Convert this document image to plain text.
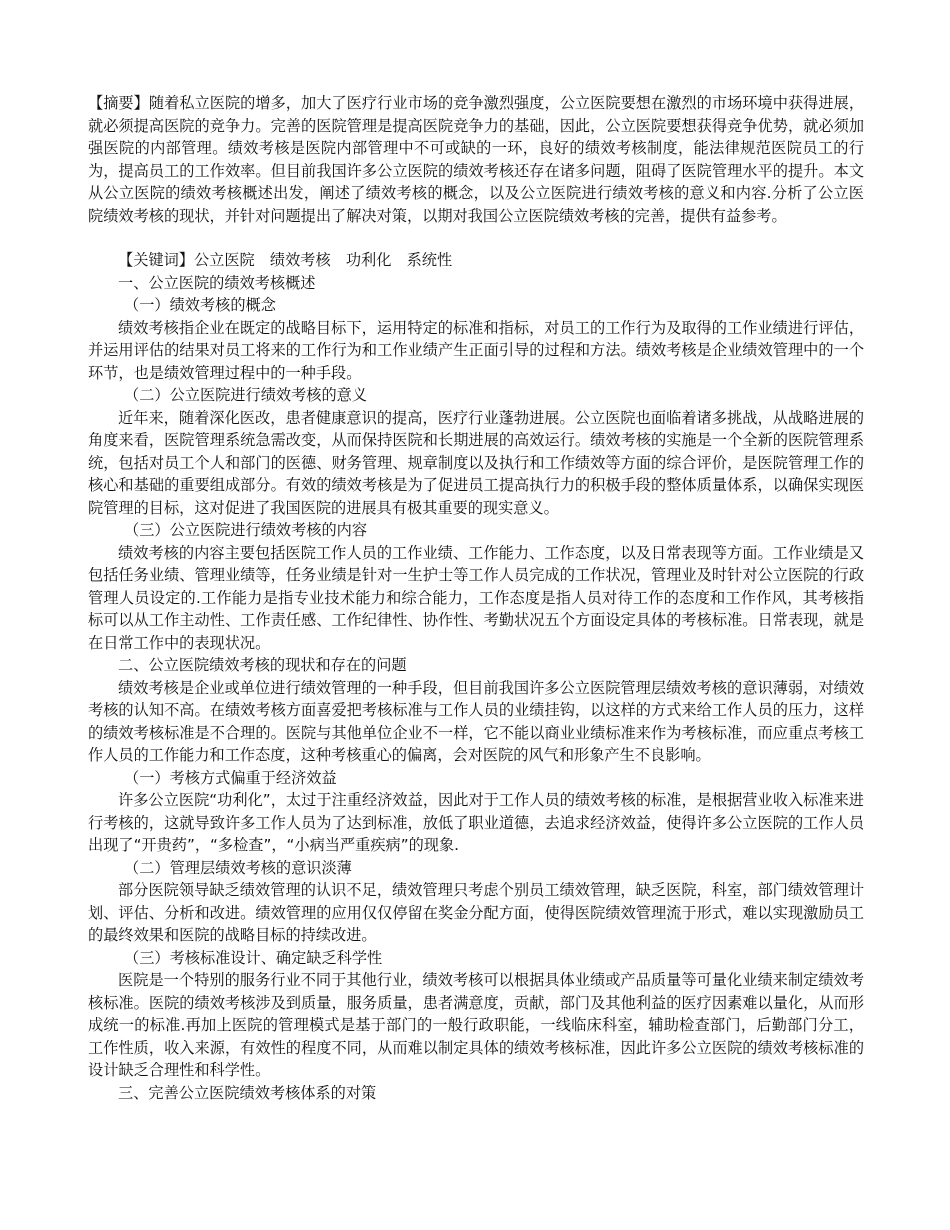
【摘要】随着私立医院的增多，加大了医疗行业市场的竞争激烈强度，公立医院要想在激烈的市场环境中获得进展，就必须提高医院的竞争力。完善的医院管理是提高医院竞争力的基础，因此，公立医院要想获得竞争优势，就必须加强医院的内部管理。绩效考核是医院内部管理中不可或缺的一环，良好的绩效考核制度，能法律规范医院员工的行为，提高员工的工作效率。但目前我国许多公立医院的绩效考核还存在诸多问题，阻碍了医院管理水平的提升。本文从公立医院的绩效考核概述出发，阐述了绩效考核的概念，以及公立医院进行绩效考核的意义和内容.分析了公立医院绩效考核的现状，并针对问题提出了解决对策，以期对我国公立医院绩效考核的完善，提供有益参考。

【关键词】公立医院　绩效考核　功利化　系统性

一、公立医院的绩效考核概述

（一）绩效考核的概念

绩效考核指企业在既定的战略目标下，运用特定的标准和指标，对员工的工作行为及取得的工作业绩进行评估，并运用评估的结果对员工将来的工作行为和工作业绩产生正面引导的过程和方法。绩效考核是企业绩效管理中的一个环节，也是绩效管理过程中的一种手段。

（二）公立医院进行绩效考核的意义

近年来，随着深化医改，患者健康意识的提高，医疗行业蓬勃进展。公立医院也面临着诸多挑战，从战略进展的角度来看，医院管理系统急需改变，从而保持医院和长期进展的高效运行。绩效考核的实施是一个全新的医院管理系统，包括对员工个人和部门的医德、财务管理、规章制度以及执行和工作绩效等方面的综合评价，是医院管理工作的核心和基础的重要组成部分。有效的绩效考核是为了促进员工提高执行力的积极手段的整体质量体系，以确保实现医院管理的目标，这对促进了我国医院的进展具有极其重要的现实意义。

（三）公立医院进行绩效考核的内容

绩效考核的内容主要包括医院工作人员的工作业绩、工作能力、工作态度，以及日常表现等方面。工作业绩是又包括任务业绩、管理业绩等，任务业绩是针对一生护士等工作人员完成的工作状况，管理业及时针对公立医院的行政管理人员设定的.工作能力是指专业技术能力和综合能力，工作态度是指人员对待工作的态度和工作作风，其考核指标可以从工作主动性、工作责任感、工作纪律性、协作性、考勤状况五个方面设定具体的考核标准。日常表现，就是在日常工作中的表现状况。

二、公立医院绩效考核的现状和存在的问题

绩效考核是企业或单位进行绩效管理的一种手段，但目前我国许多公立医院管理层绩效考核的意识薄弱，对绩效考核的认知不高。在绩效考核方面喜爱把考核标准与工作人员的业绩挂钩，以这样的方式来给工作人员的压力，这样的绩效考核标准是不合理的。医院与其他单位企业不一样，它不能以商业业绩标准来作为考核标准，而应重点考核工作人员的工作能力和工作态度，这种考核重心的偏离，会对医院的风气和形象产生不良影响。

（一）考核方式偏重于经济效益

许多公立医院“功利化”，太过于注重经济效益，因此对于工作人员的绩效考核的标准，是根据营业收入标准来进行考核的，这就导致许多工作人员为了达到标准，放低了职业道德，去追求经济效益，使得许多公立医院的工作人员出现了“开贵药”，“多检查”，“小病当严重疾病”的现象.

（二）管理层绩效考核的意识淡薄

部分医院领导缺乏绩效管理的认识不足，绩效管理只考虑个别员工绩效管理，缺乏医院，科室，部门绩效管理计划、评估、分析和改进。绩效管理的应用仅仅停留在奖金分配方面，使得医院绩效管理流于形式，难以实现激励员工的最终效果和医院的战略目标的持续改进。

（三）考核标准设计、确定缺乏科学性

医院是一个特别的服务行业不同于其他行业，绩效考核可以根据具体业绩或产品质量等可量化业绩来制定绩效考核标准。医院的绩效考核涉及到质量，服务质量，患者满意度，贡献，部门及其他利益的医疗因素难以量化，从而形成统一的标准.再加上医院的管理模式是基于部门的一般行政职能，一线临床科室，辅助检查部门，后勤部门分工，工作性质，收入来源，有效性的程度不同，从而难以制定具体的绩效考核标准，因此许多公立医院的绩效考核标准的设计缺乏合理性和科学性。

三、完善公立医院绩效考核体系的对策
